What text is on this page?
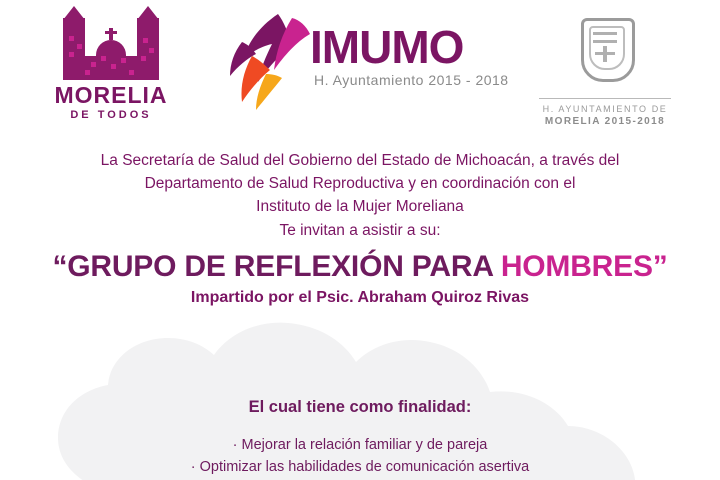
MORELIA
DE TODOS
IMUMO
H. Ayuntamiento 2015 - 2018
H. AYUNTAMIENTO DE
MORELIA 2015-2018
La Secretaría de Salud del Gobierno del Estado de Michoacán, a través del
Departamento de Salud Reproductiva y en coordinación con el
Instituto de la Mujer Moreliana
Te invitan a asistir a su:
“GRUPO DE REFLEXIÓN PARA HOMBRES”
Impartido por el Psic. Abraham Quiroz Rivas
El cual tiene como finalidad:
· Mejorar la relación familiar y de pareja
· Optimizar las habilidades de comunicación asertiva
